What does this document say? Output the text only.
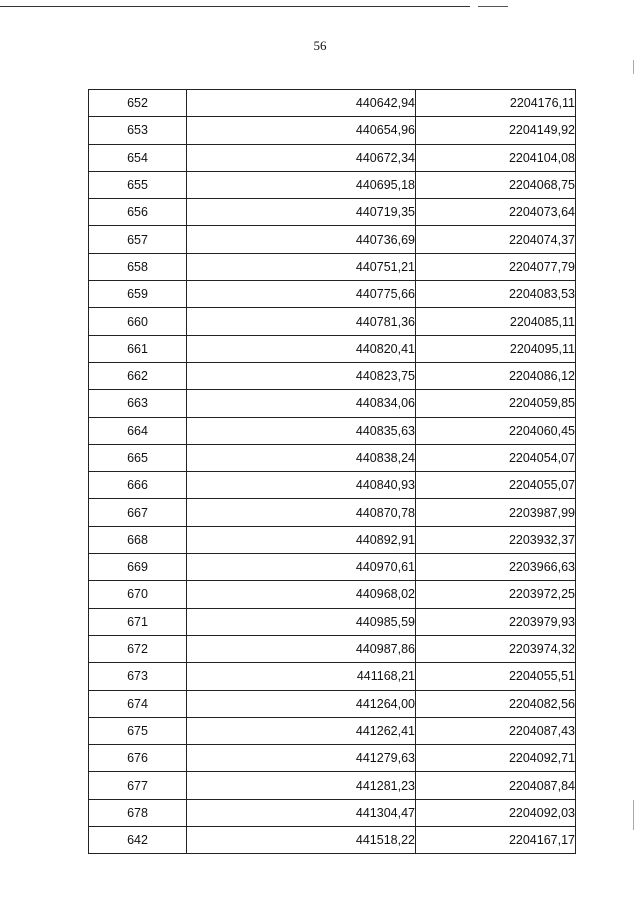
56
652	440642,94	2204176,11
653	440654,96	2204149,92
654	440672,34	2204104,08
655	440695,18	2204068,75
656	440719,35	2204073,64
657	440736,69	2204074,37
658	440751,21	2204077,79
659	440775,66	2204083,53
660	440781,36	2204085,11
661	440820,41	2204095,11
662	440823,75	2204086,12
663	440834,06	2204059,85
664	440835,63	2204060,45
665	440838,24	2204054,07
666	440840,93	2204055,07
667	440870,78	2203987,99
668	440892,91	2203932,37
669	440970,61	2203966,63
670	440968,02	2203972,25
671	440985,59	2203979,93
672	440987,86	2203974,32
673	441168,21	2204055,51
674	441264,00	2204082,56
675	441262,41	2204087,43
676	441279,63	2204092,71
677	441281,23	2204087,84
678	441304,47	2204092,03
642	441518,22	2204167,17
